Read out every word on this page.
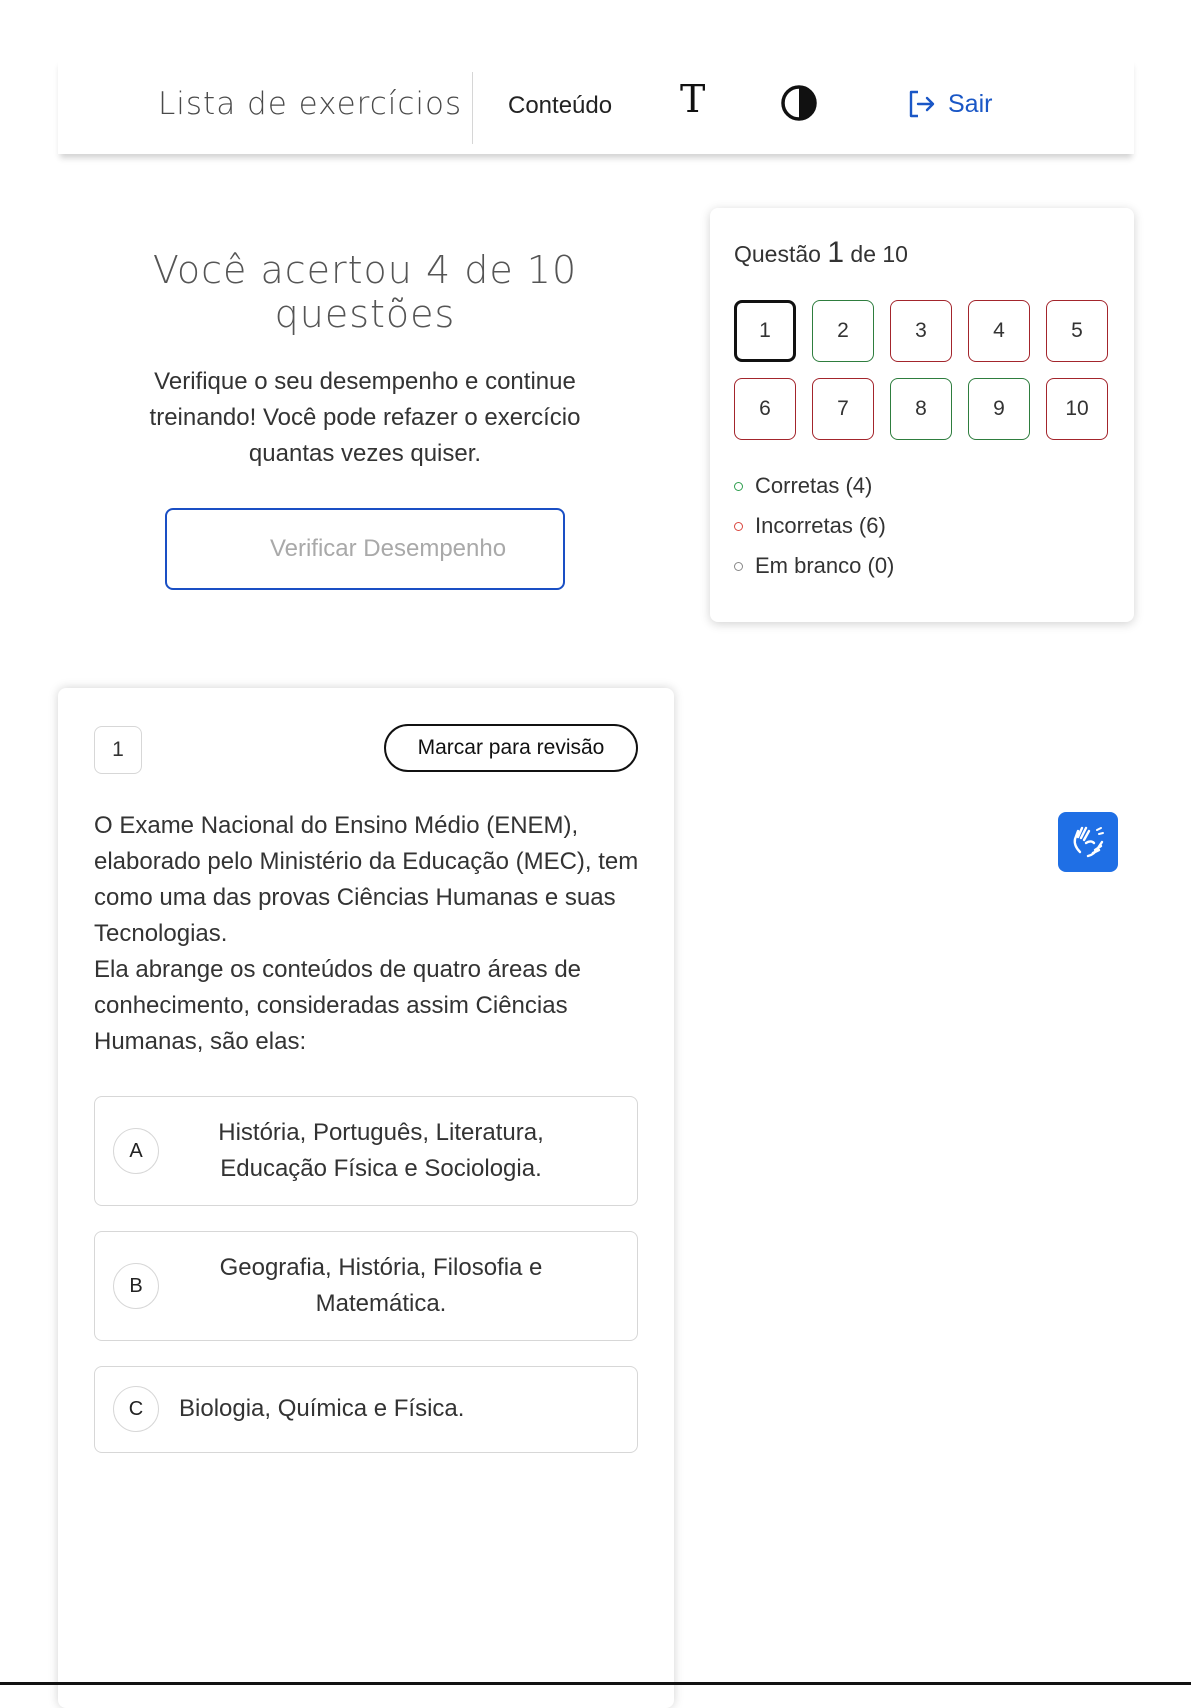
Lista de exercícios Conteúdo T	Sair
Você acertou 4 de 10 questões
Verifique o seu desempenho e continue treinando! Você pode refazer o exercício quantas vezes quiser.
Verificar Desempenho
Questão 1 de 10
1	2	3	4	5
6	7	8	9	10
Corretas (4)
Incorretas (6)
Em branco (0)
1	Marcar para revisão

O Exame Nacional do Ensino Médio (ENEM), elaborado pelo Ministério da Educação (MEC), tem como uma das provas Ciências Humanas e suas Tecnologias.
Ela abrange os conteúdos de quatro áreas de conhecimento, consideradas assim Ciências Humanas, são elas:

A
História, Português, Literatura, Educação Física e Sociologia.
B
Geografia, História, Filosofia e Matemática.
C	Biologia, Química e Física.
